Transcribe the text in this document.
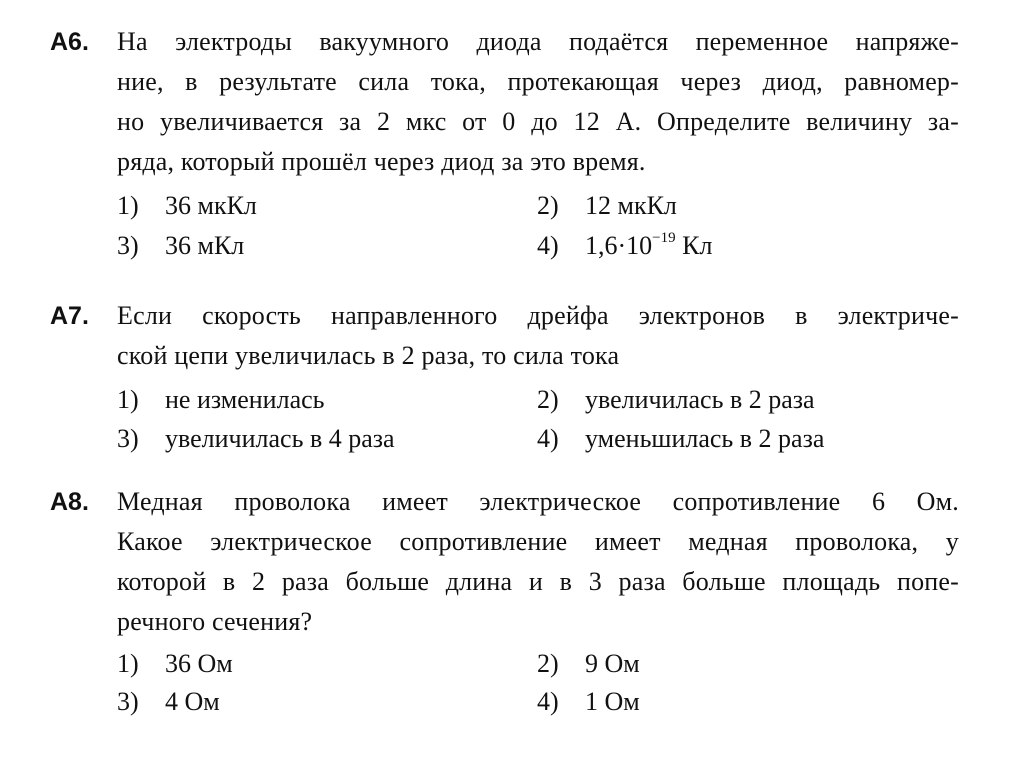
А6. На электроды вакуумного диода подаётся переменное напряже-
ние, в результате сила тока, протекающая через диод, равномер-
но увеличивается за 2 мкс от 0 до 12 А. Определите величину за-
ряда, который прошёл через диод за это время.
1) 36 мкКл	2) 12 мкКл
3) 36 мКл	4) $1,6\cdot 10^{-19}$ Кл
А7. Если скорость направленного дрейфа электронов в электриче-
ской цепи увеличилась в 2 раза, то сила тока
1) не изменилась	2) увеличилась в 2 раза
3) увеличилась в 4 раза	4) уменьшилась в 2 раза
А8. Медная проволока имеет электрическое сопротивление 6 Ом.
Какое электрическое сопротивление имеет медная проволока, у
которой в 2 раза больше длина и в 3 раза больше площадь попе-
речного сечения?
1) 36 Ом	2) 9 Ом
3) 4 Ом	4) 1 Ом
